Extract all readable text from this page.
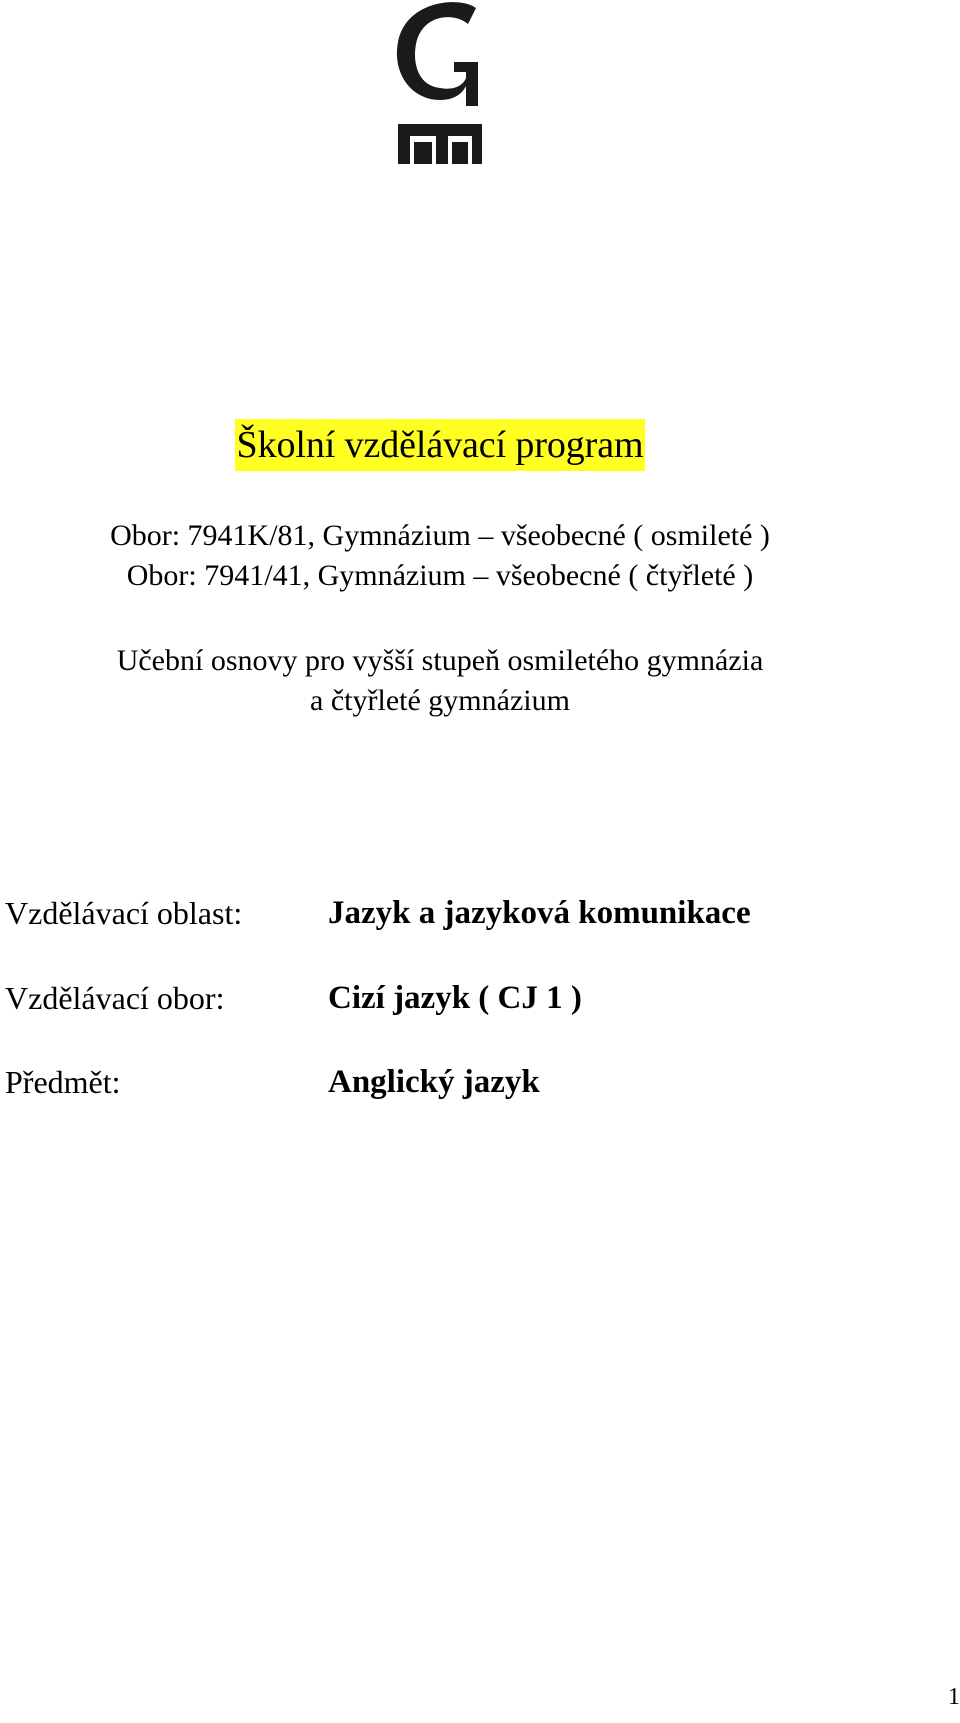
Školní vzdělávací program
Obor: 7941K/81, Gymnázium – všeobecné ( osmileté )
Obor: 7941/41, Gymnázium – všeobecné ( čtyřleté )
Učební osnovy pro vyšší stupeň osmiletého gymnázia
a čtyřleté gymnázium
Vzdělávací oblast:	Jazyk a jazyková komunikace
Vzdělávací obor:	Cizí jazyk ( CJ 1 )
Předmět:	Anglický jazyk
1
